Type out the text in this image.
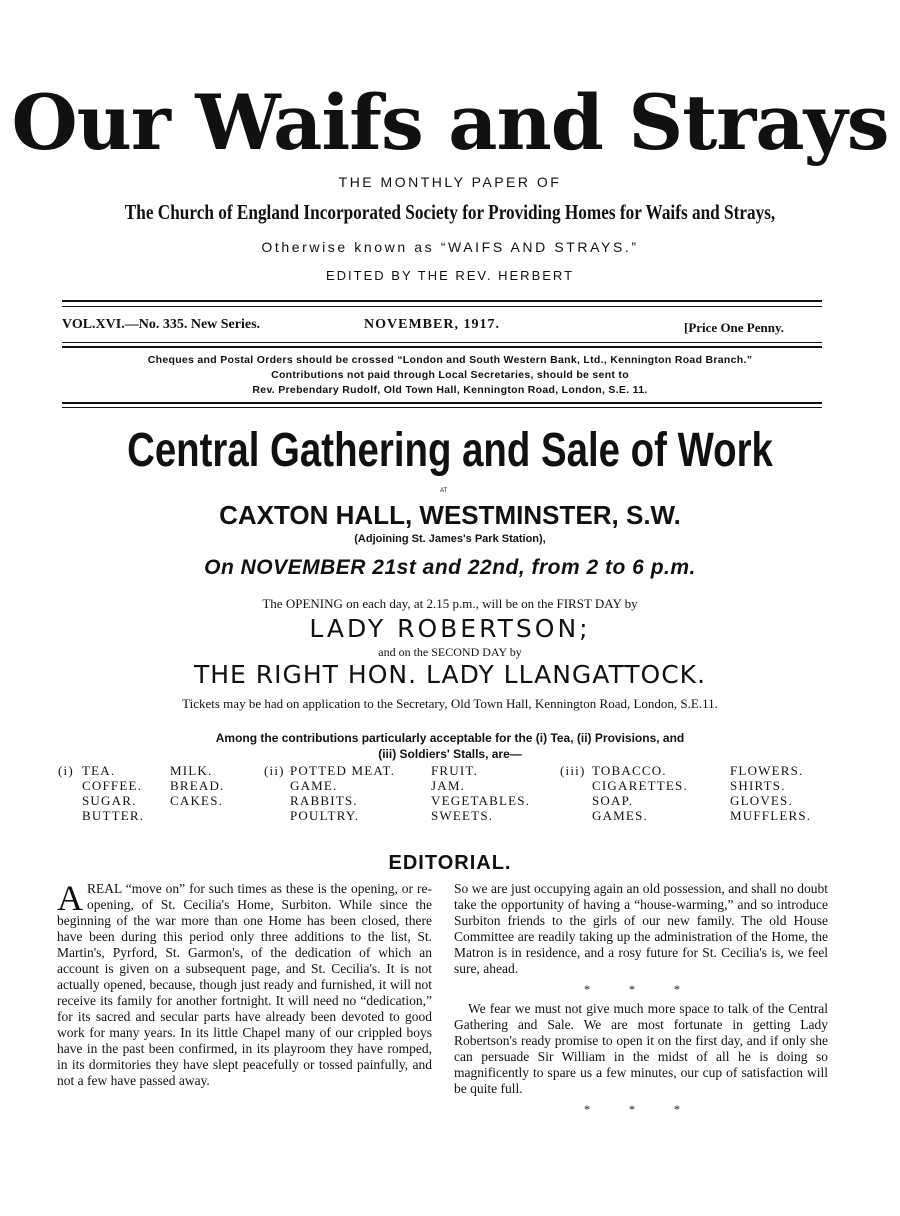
Our Waifs and Strays
THE MONTHLY PAPER OF
The Church of England Incorporated Society for Providing Homes for Waifs and Strays,
Otherwise known as “WAIFS AND STRAYS.”
EDITED BY THE REV. HERBERT
VOL.XVI.—No. 335. New Series.	NOVEMBER, 1917.	[Price One Penny.
Cheques and Postal Orders should be crossed “London and South Western Bank, Ltd., Kennington Road Branch.”
Contributions not paid through Local Secretaries, should be sent to
Rev. Prebendary Rudolf, Old Town Hall, Kennington Road, London, S.E. 11.
Central Gathering and Sale of Work
AT
CAXTON HALL, WESTMINSTER, S.W.
(Adjoining St. James's Park Station),
On NOVEMBER 21st and 22nd, from 2 to 6 p.m.
The OPENING on each day, at 2.15 p.m., will be on the FIRST DAY by
LADY ROBERTSON;
and on the SECOND DAY by
THE RIGHT HON. LADY LLANGATTOCK.
Tickets may be had on application to the Secretary, Old Town Hall, Kennington Road, London, S.E.11.
Among the contributions particularly acceptable for the (i) Tea, (ii) Provisions, and
(iii) Soldiers' Stalls, are—
(i) TEA.
COFFEE.
SUGAR.
BUTTER.
MILK.
BREAD.
CAKES.
(ii) POTTED MEAT.
GAME.
RABBITS.
POULTRY.
FRUIT.
JAM.
VEGETABLES.
SWEETS.
(iii) TOBACCO.
CIGARETTES.
SOAP.
GAMES.
FLOWERS.
SHIRTS.
GLOVES.
MUFFLERS.
EDITORIAL.

AREAL “move on” for such times as these is the opening, or re-opening, of St. Cecilia's Home, Surbiton. While since the beginning of the war more than one Home has been closed, there have been during this period only three additions to the list, St. Martin's, Pyrford, St. Garmon's, of the dedication of which an account is given on a subsequent page, and St. Cecilia's. It is not actually opened, because, though just ready and furnished, it will not receive its family for another fortnight. It will need no “dedication,” for its sacred and secular parts have already been devoted to good work for many years. In its little Chapel many of our crippled boys have in the past been confirmed, in its playroom they have romped, in its dormitories they have slept peacefully or tossed painfully, and not a few have passed away.

So we are just occupying again an old possession, and shall no doubt take the opportunity of having a “house-warming,” and so introduce Surbiton friends to the girls of our new family. The old House Committee are readily taking up the administration of the Home, the Matron is in residence, and a rosy future for St. Cecilia's is, we feel sure, ahead.

* * *

We fear we must not give much more space to talk of the Central Gathering and Sale. We are most fortunate in getting Lady Robertson's ready promise to open it on the first day, and if only she can persuade Sir William in the midst of all he is doing so magnificently to spare us a few minutes, our cup of satisfaction will be quite full.

* * *
